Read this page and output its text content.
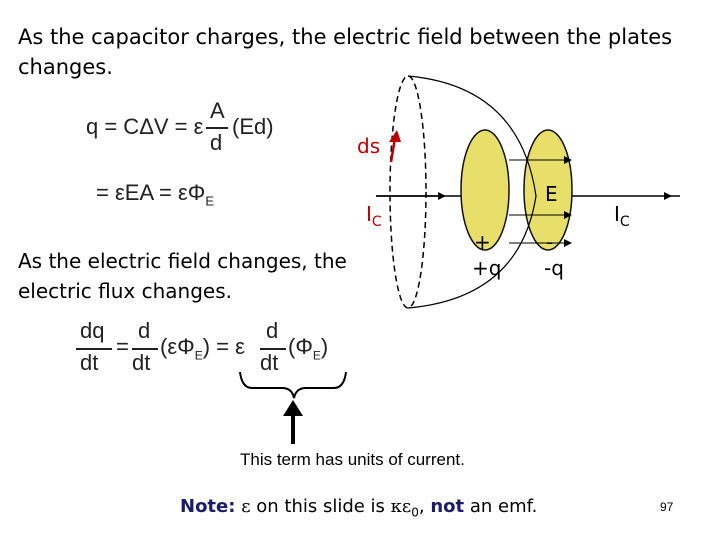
As the capacitor charges, the electric field between the plates changes.
As the electric field changes, the electric flux changes.
q = CΔV = ε
A
d
(Ed)
= $\varepsilon EA = \varepsilon\Phi_E$
dq
dt
=
d
dt
$(\varepsilon\Phi_E) = \varepsilon$
d
dt
$(\Phi_E)$
ds
$I_C$	$I_C$
E
+
+q
-
-q
This term has units of current.
Note: ε on this slide is $\kappa\varepsilon_0$, not an emf.	97
